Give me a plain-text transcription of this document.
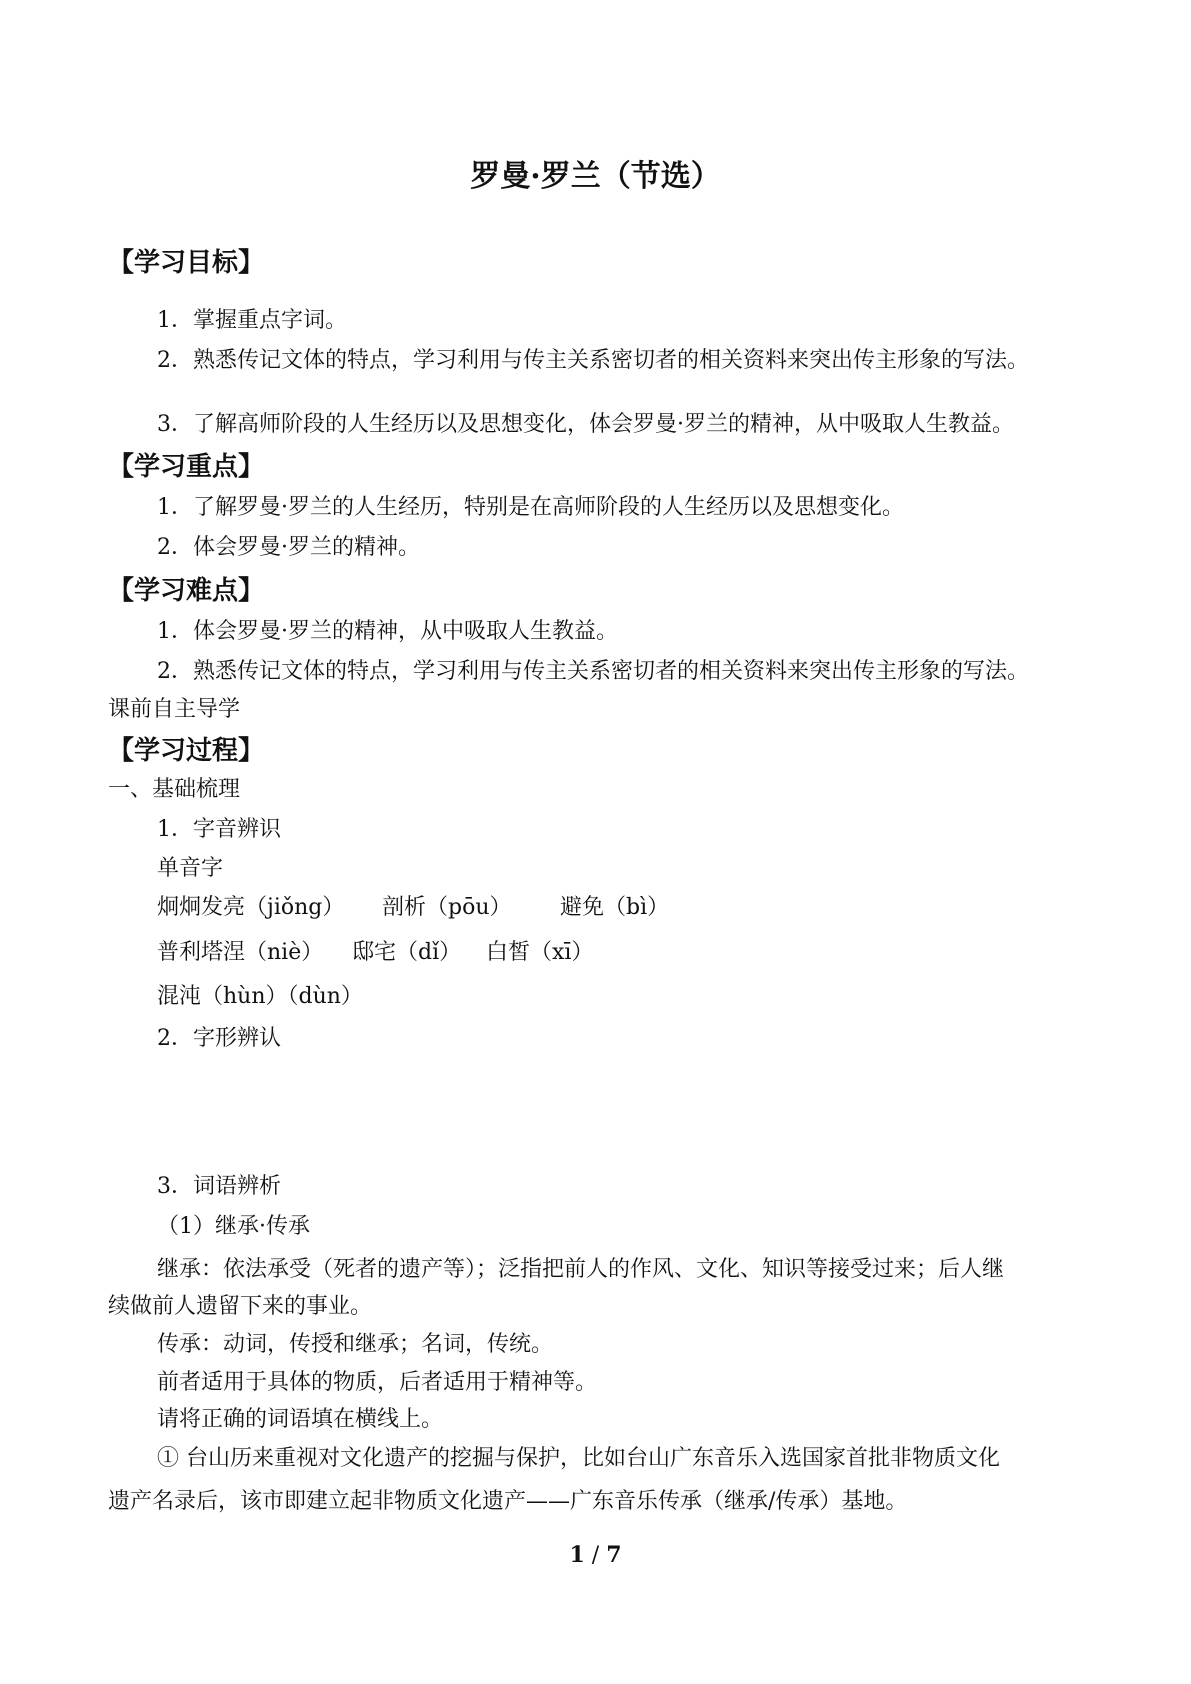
罗曼·罗兰（节选）
【学习目标】
1．掌握重点字词。
2．熟悉传记文体的特点，学习利用与传主关系密切者的相关资料来突出传主形象的写法。
3．了解高师阶段的人生经历以及思想变化，体会罗曼·罗兰的精神，从中吸取人生教益。
【学习重点】
1．了解罗曼·罗兰的人生经历，特别是在高师阶段的人生经历以及思想变化。
2．体会罗曼·罗兰的精神。
【学习难点】
1．体会罗曼·罗兰的精神，从中吸取人生教益。
2．熟悉传记文体的特点，学习利用与传主关系密切者的相关资料来突出传主形象的写法。
课前自主导学
【学习过程】
一、基础梳理
1．字音辨识
单音字
炯炯发亮（jiǒng） 剖析（pōu） 避免（bì）
普利塔涅（niè） 邸宅（dǐ） 白皙（xī）
混沌（hùn）（dùn）
2．字形辨认
3．词语辨析
（1）继承·传承
继承：依法承受（死者的遗产等）；泛指把前人的作风、文化、知识等接受过来；后人继
续做前人遗留下来的事业。
传承：动词，传授和继承；名词，传统。
前者适用于具体的物质，后者适用于精神等。
请将正确的词语填在横线上。
① 台山历来重视对文化遗产的挖掘与保护，比如台山广东音乐入选国家首批非物质文化
遗产名录后，该市即建立起非物质文化遗产——广东音乐传承（继承/传承）基地。
1 / 7
